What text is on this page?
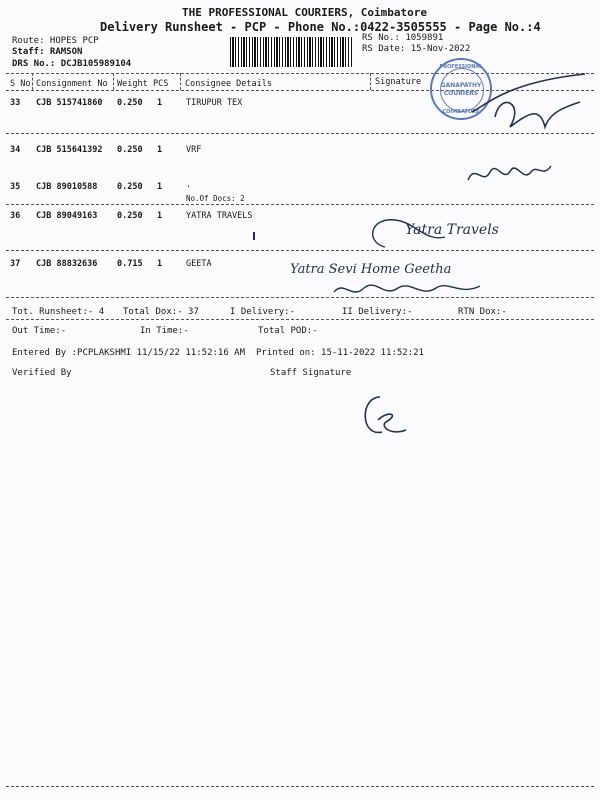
THE PROFESSIONAL COURIERS, Coimbatore
Delivery Runsheet - PCP - Phone No.:0422-3505555 - Page No.:4
Route: HOPES PCP
Staff: RAMSON
DRS No.: DCJB105989104
RS No.: 1059891
RS Date: 15-Nov-2022
S No Consignment No Weight PCS Consignee Details	Signature
33 CJB 515741860 0.250 1	TIRUPUR TEX
34 CJB 515641392 0.250 1	VRF
35 CJB 89010588 0.250 1	.
No.Of Docs: 2
36 CJB 89049163 0.250 1	YATRA TRAVELS
37 CJB 88832636 0.715 1	GEETA
PROFESSIONAL
GANAPATHY
COURIERS
COIMBATORE
Yatra Travels
Yatra Sevi Home Geetha
Tot. Runsheet:- 4 Total Dox:- 37	I Delivery:-	II Delivery:-	RTN Dox:-
Out Time:-	In Time:-	Total POD:-
Entered By :PCPLAKSHMI 11/15/22 11:52:16 AM Printed on: 15-11-2022 11:52:21
Verified By	Staff Signature
